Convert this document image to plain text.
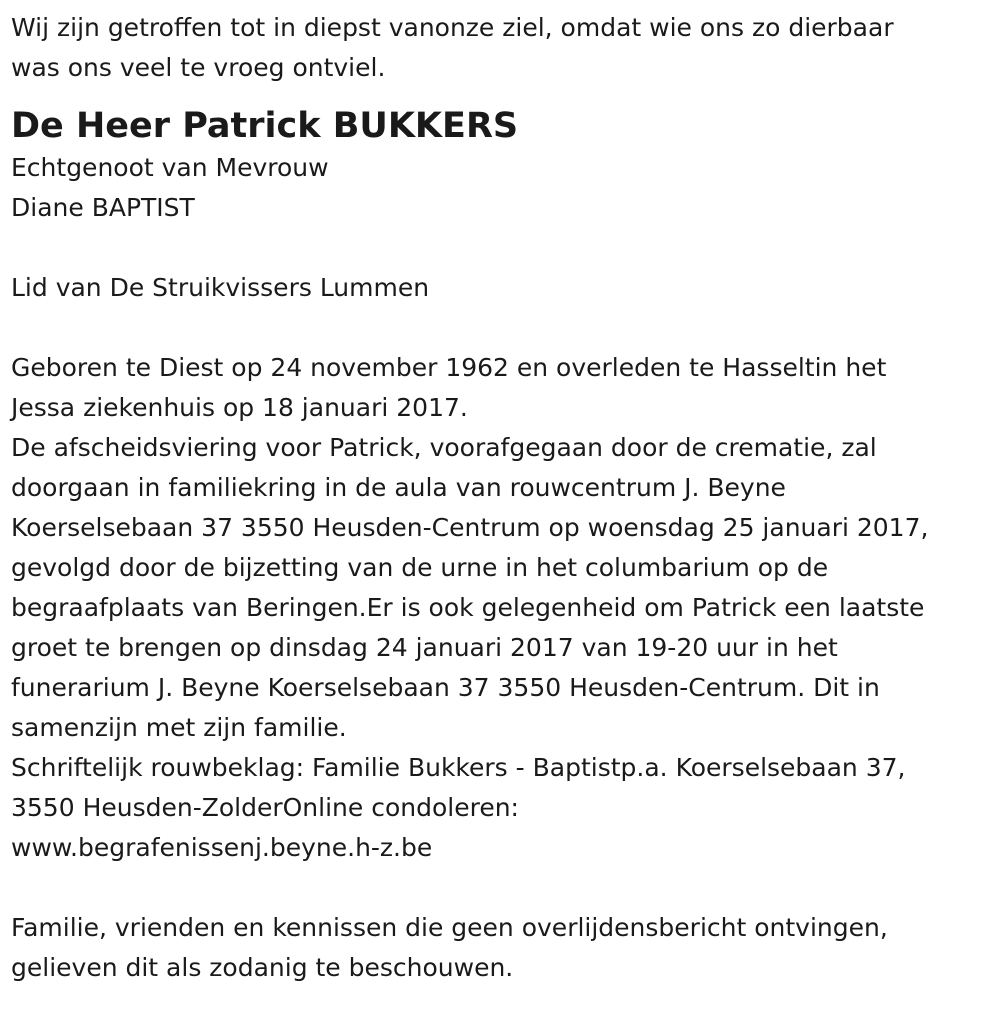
Wij zijn getroffen tot in diepst vanonze ziel, omdat wie ons zo dierbaar

was ons veel te vroeg ontviel.

De Heer Patrick BUKKERS

Echtgenoot van Mevrouw

Diane BAPTIST

Lid van De Struikvissers Lummen

Geboren te Diest op 24 november 1962 en overleden te Hasseltin het

Jessa ziekenhuis op 18 januari 2017.

De afscheidsviering voor Patrick, voorafgegaan door de crematie, zal

doorgaan in familiekring in de aula van rouwcentrum J. Beyne

Koerselsebaan 37 3550 Heusden-Centrum op woensdag 25 januari 2017,

gevolgd door de bijzetting van de urne in het columbarium op de

begraafplaats van Beringen.Er is ook gelegenheid om Patrick een laatste

groet te brengen op dinsdag 24 januari 2017 van 19-20 uur in het

funerarium J. Beyne Koerselsebaan 37 3550 Heusden-Centrum. Dit in

samenzijn met zijn familie.

Schriftelijk rouwbeklag: Familie Bukkers - Baptistp.a. Koerselsebaan 37,

3550 Heusden-ZolderOnline condoleren:

www.begrafenissenj.beyne.h-z.be

Familie, vrienden en kennissen die geen overlijdensbericht ontvingen,

gelieven dit als zodanig te beschouwen.
